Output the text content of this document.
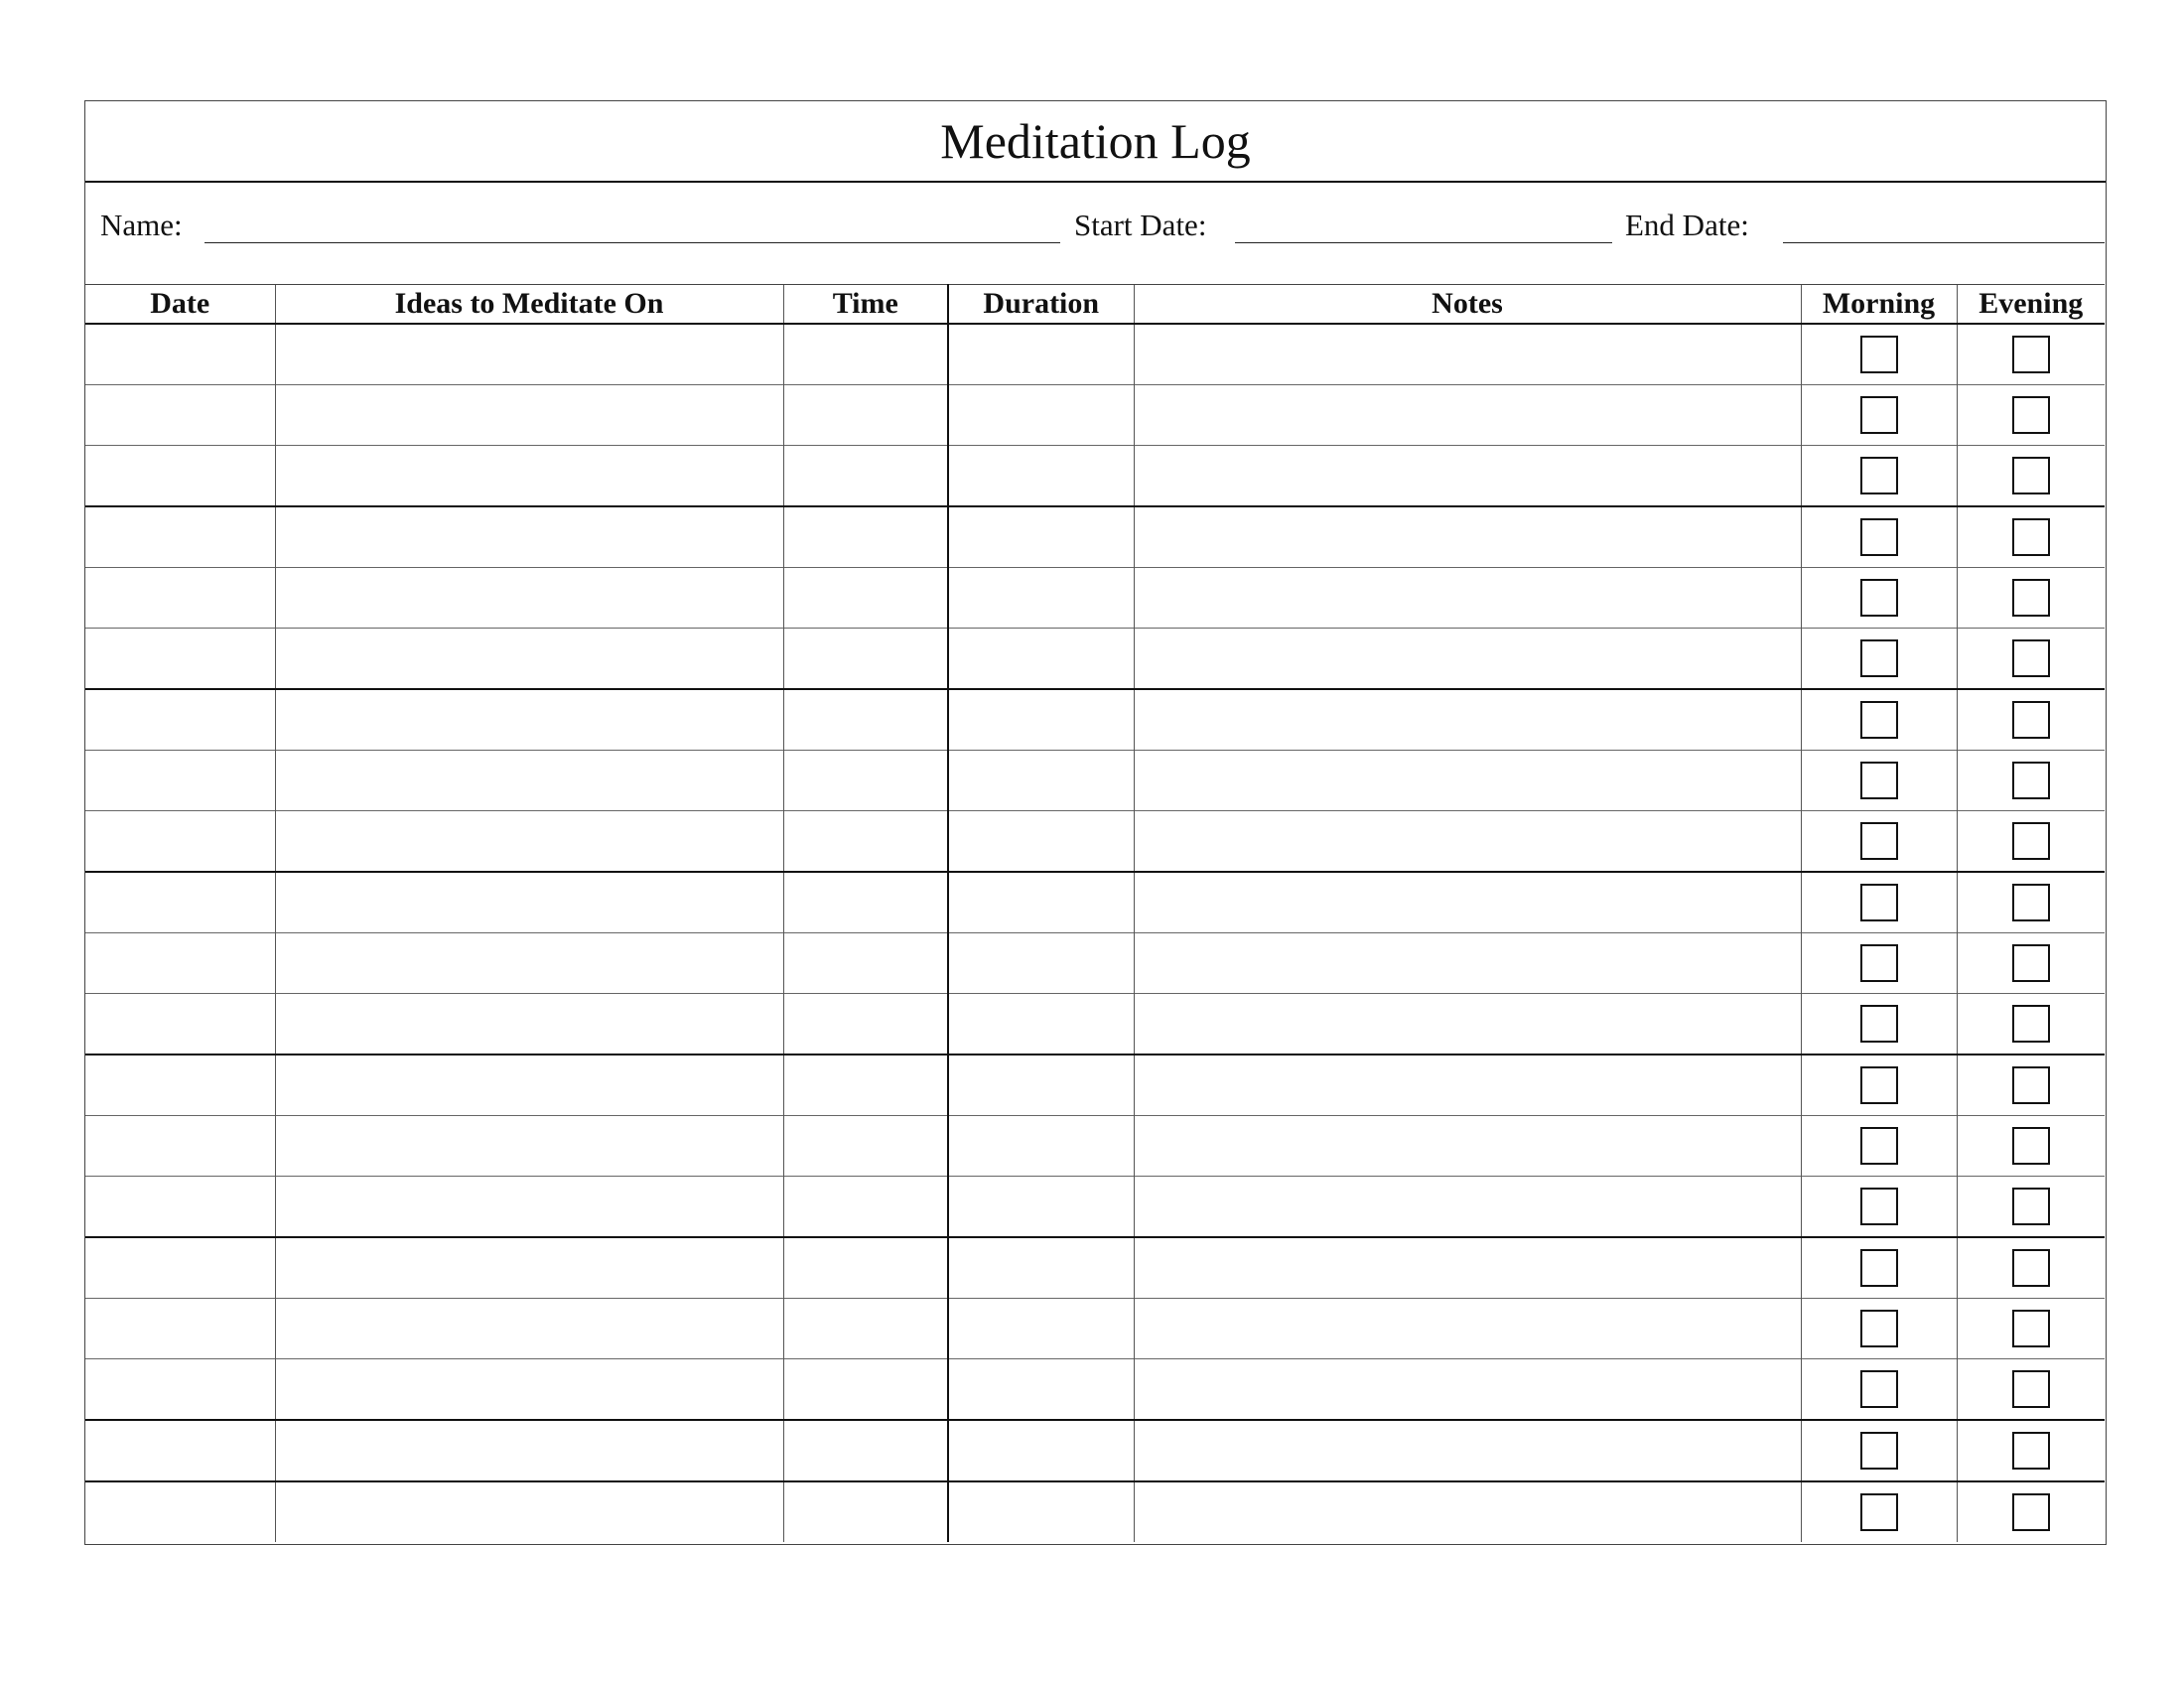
Meditation Log
Name:	Start Date:	End Date:
Date	Ideas to Meditate On	Time	Duration	Notes	Morning	Evening
